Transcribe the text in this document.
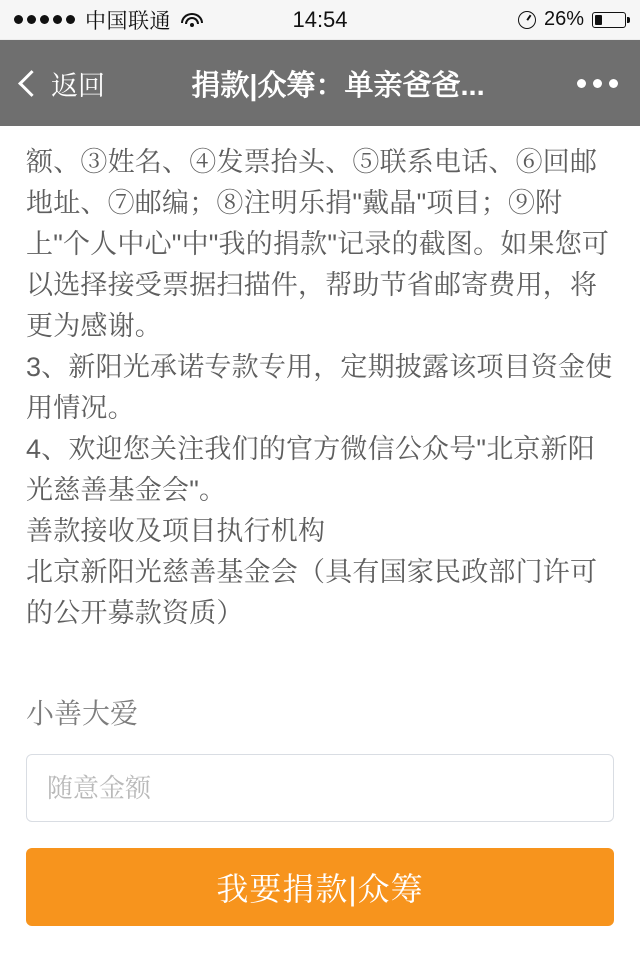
中国联通	14:54	26%
返回	捐款|众筹：单亲爸爸...

额、③姓名、④发票抬头、⑤联系电话、⑥回邮地址、⑦邮编；⑧注明乐捐"戴晶"项目；⑨附上"个人中心"中"我的捐款"记录的截图。如果您可以选择接受票据扫描件，帮助节省邮寄费用，将更为感谢。

3、新阳光承诺专款专用，定期披露该项目资金使用情况。

4、欢迎您关注我们的官方微信公众号"北京新阳光慈善基金会"。

善款接收及项目执行机构

北京新阳光慈善基金会（具有国家民政部门许可的公开募款资质）

小善大爱
随意金额 我要捐款|众筹
